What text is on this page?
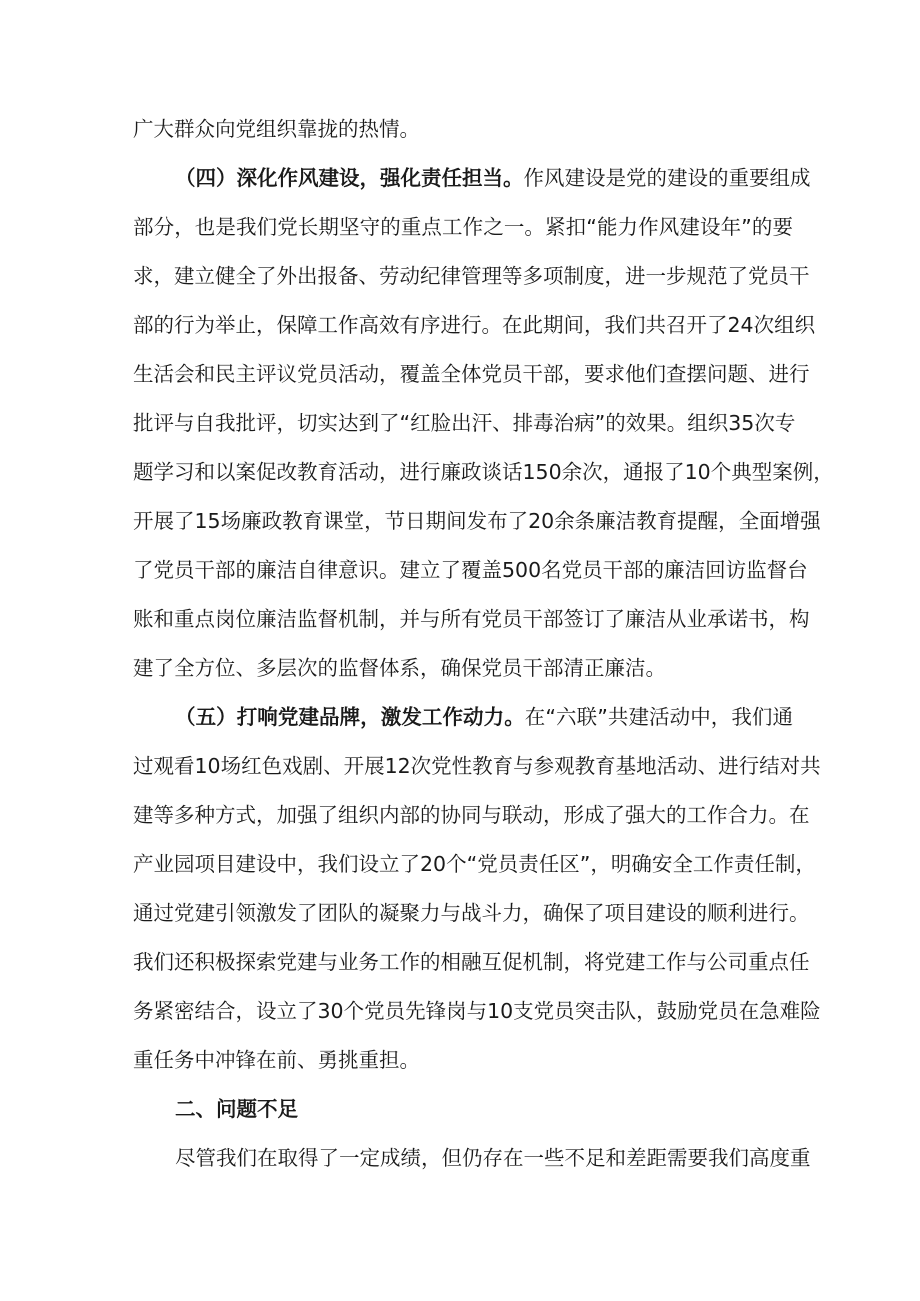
广大群众向党组织靠拢的热情。
（四）深化作风建设，强化责任担当。作风建设是党的建设的重要组成
部分，也是我们党长期坚守的重点工作之一。紧扣“能力作风建设年”的要
求，建立健全了外出报备、劳动纪律管理等多项制度，进一步规范了党员干
部的行为举止，保障工作高效有序进行。在此期间，我们共召开了24次组织
生活会和民主评议党员活动，覆盖全体党员干部，要求他们查摆问题、进行
批评与自我批评，切实达到了“红脸出汗、排毒治病”的效果。组织35次专
题学习和以案促改教育活动，进行廉政谈话150余次，通报了10个典型案例，
开展了15场廉政教育课堂，节日期间发布了20余条廉洁教育提醒，全面增强
了党员干部的廉洁自律意识。建立了覆盖500名党员干部的廉洁回访监督台
账和重点岗位廉洁监督机制，并与所有党员干部签订了廉洁从业承诺书，构
建了全方位、多层次的监督体系，确保党员干部清正廉洁。
（五）打响党建品牌，激发工作动力。在“六联”共建活动中，我们通
过观看10场红色戏剧、开展12次党性教育与参观教育基地活动、进行结对共
建等多种方式，加强了组织内部的协同与联动，形成了强大的工作合力。在
产业园项目建设中，我们设立了20个“党员责任区”，明确安全工作责任制，
通过党建引领激发了团队的凝聚力与战斗力，确保了项目建设的顺利进行。
我们还积极探索党建与业务工作的相融互促机制，将党建工作与公司重点任
务紧密结合，设立了30个党员先锋岗与10支党员突击队，鼓励党员在急难险
重任务中冲锋在前、勇挑重担。
二、问题不足
尽管我们在取得了一定成绩，但仍存在一些不足和差距需要我们高度重
